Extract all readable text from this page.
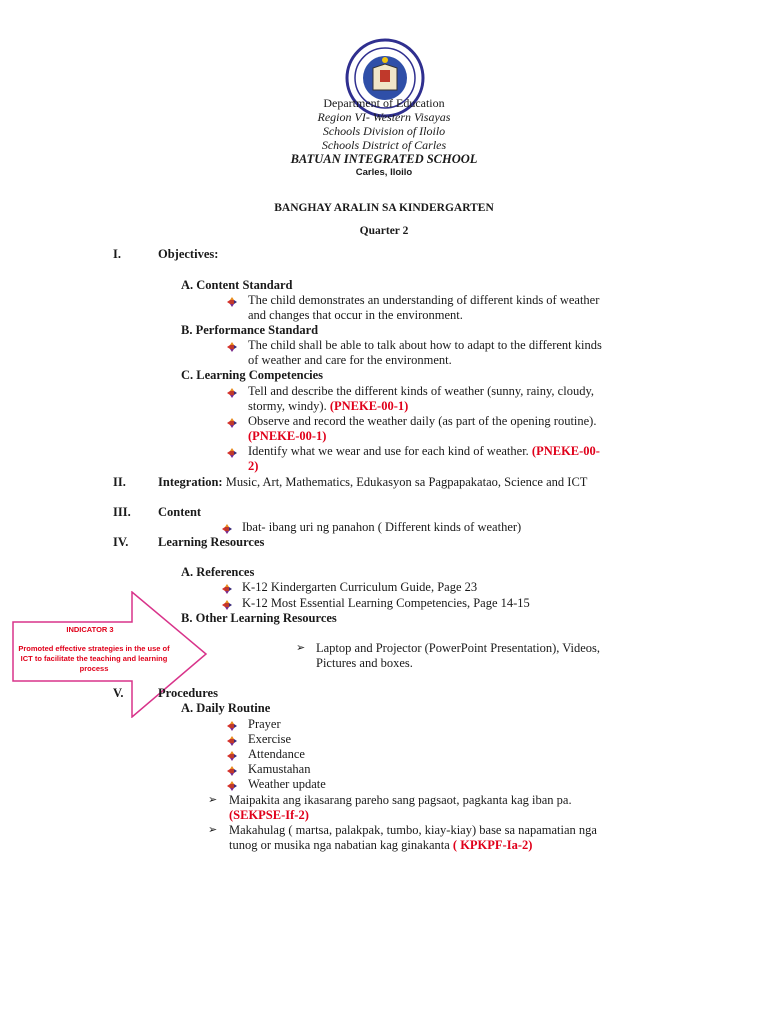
·
Department of Education
Region VI- Western Visayas
Schools Division of Iloilo
Schools District of Carles
BATUAN INTEGRATED SCHOOL
Carles, Iloilo
BANGHAY ARALIN SA KINDERGARTEN
Quarter 2
I.	Objectives:
A. Content Standard
The child demonstrates an understanding of different kinds of weather
and changes that occur in the environment.
B. Performance Standard
The child shall be able to talk about how to adapt to the different kinds
of weather and care for the environment.
C. Learning Competencies
Tell and describe the different kinds of weather (sunny, rainy, cloudy,
stormy, windy). (PNEKE-00-1)
Observe and record the weather daily (as part of the opening routine).
(PNEKE-00-1)
Identify what we wear and use for each kind of weather. (PNEKE-00-
2)
II.	Integration: Music, Art, Mathematics, Edukasyon sa Pagpapakatao, Science and ICT
III. Content
Ibat- ibang uri ng panahon ( Different kinds of weather)
IV. Learning Resources
A. References
K-12 Kindergarten Curriculum Guide, Page 23
K-12 Most Essential Learning Competencies, Page 14-15
B. Other Learning Resources
➢ Laptop and Projector (PowerPoint Presentation), Videos,
Pictures and boxes.
INDICATOR 3
Promoted effective strategies in the use of ICT to facilitate the teaching and learning process
V.	Procedures
A. Daily Routine
Prayer
Exercise
Attendance
Kamustahan
Weather update
➢ Maipakita ang ikasarang pareho sang pagsaot, pagkanta kag iban pa.
(SEKPSE-If-2)
➢ Makahulag ( martsa, palakpak, tumbo, kiay-kiay) base sa napamatian nga
tunog or musika nga nabatian kag ginakanta ( KPKPF-Ia-2)
